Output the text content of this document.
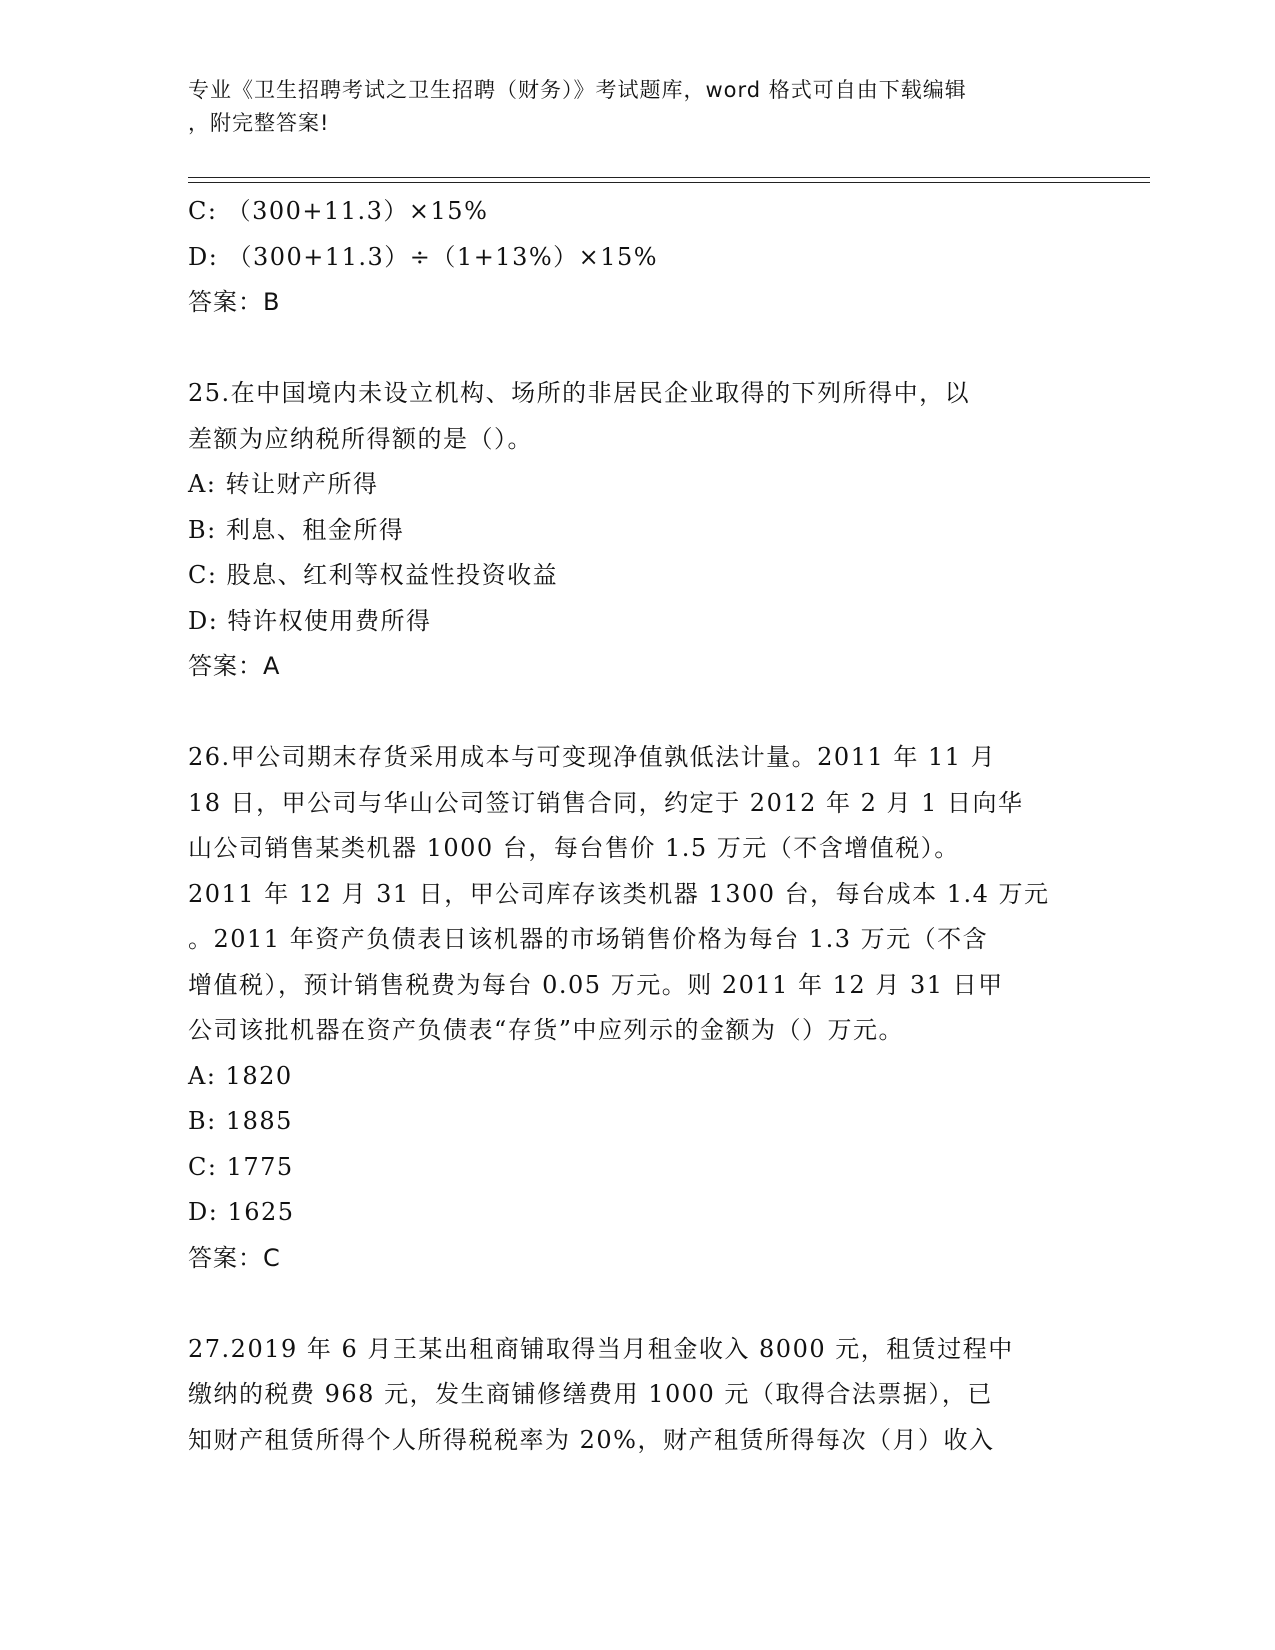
专业《卫生招聘考试之卫生招聘（财务）》考试题库，word 格式可自由下载编辑
，附完整答案!
C: （300+11.3）×15%
D: （300+11.3）÷（1+13%）×15%
答案：B
25.在中国境内未设立机构、场所的非居民企业取得的下列所得中，以
差额为应纳税所得额的是（）。
A: 转让财产所得
B: 利息、租金所得
C: 股息、红利等权益性投资收益
D: 特许权使用费所得
答案：A
26.甲公司期末存货采用成本与可变现净值孰低法计量。2011 年 11 月
18 日，甲公司与华山公司签订销售合同，约定于 2012 年 2 月 1 日向华
山公司销售某类机器 1000 台，每台售价 1.5 万元（不含增值税）。
2011 年 12 月 31 日，甲公司库存该类机器 1300 台，每台成本 1.4 万元
。2011 年资产负债表日该机器的市场销售价格为每台 1.3 万元（不含
增值税），预计销售税费为每台 0.05 万元。则 2011 年 12 月 31 日甲
公司该批机器在资产负债表“存货”中应列示的金额为（）万元。
A: 1820
B: 1885
C: 1775
D: 1625
答案：C
27.2019 年 6 月王某出租商铺取得当月租金收入 8000 元，租赁过程中
缴纳的税费 968 元，发生商铺修缮费用 1000 元（取得合法票据），已
知财产租赁所得个人所得税税率为 20%，财产租赁所得每次（月）收入
